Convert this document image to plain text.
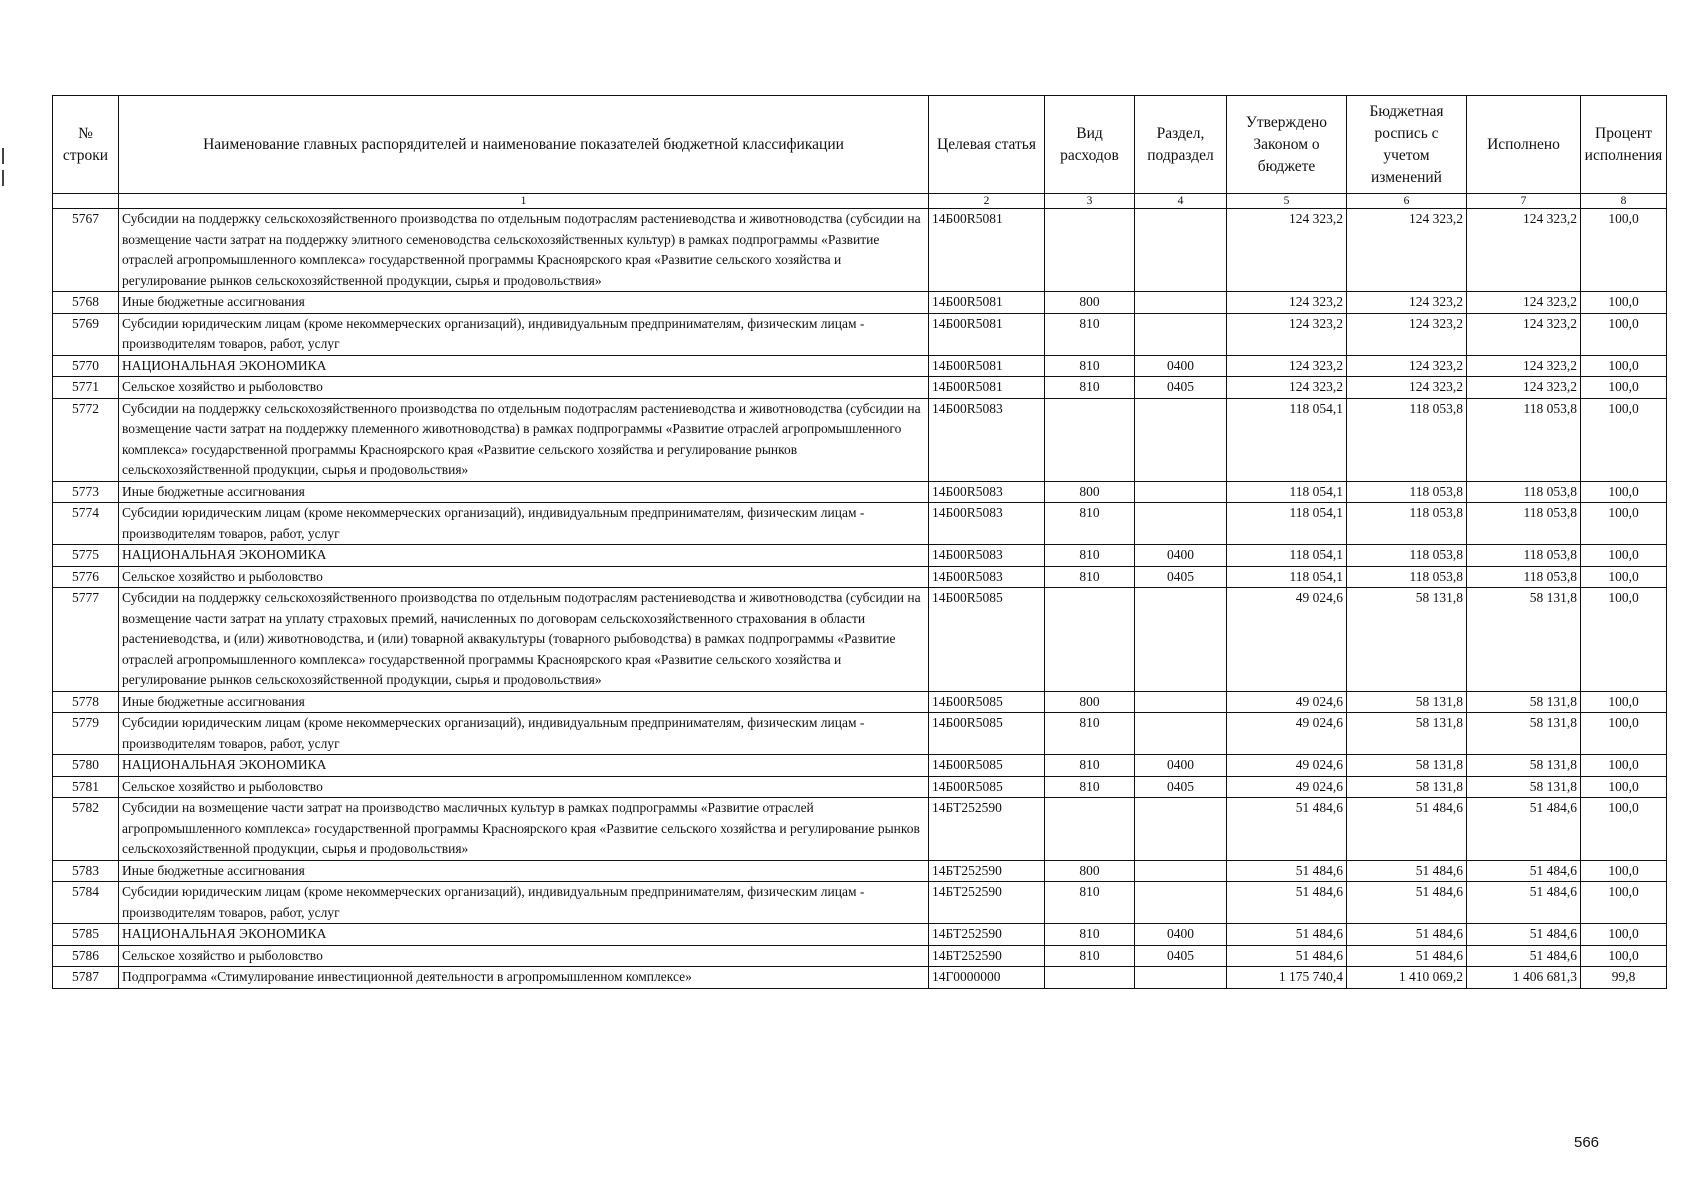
№ строки	Наименование главных распорядителей и наименование показателей бюджетной классификации	Целевая статья	Вид расходов	Раздел, подраздел	Утверждено Законом о бюджете	Бюджетная роспись с учетом изменений	Исполнено	Процент исполнения
	1	2	3	4	5	6	7	8
5767	Субсидии на поддержку сельскохозяйственного производства по отдельным подотраслям растениеводства и животноводства (субсидии на возмещение части затрат на поддержку элитного семеноводства сельскохозяйственных культур) в рамках подпрограммы «Развитие отраслей агропромышленного комплекса» государственной программы Красноярского края «Развитие сельского хозяйства и регулирование рынков сельскохозяйственной продукции, сырья и продовольствия»	14Б00R5081			124 323,2	124 323,2	124 323,2	100,0
5768	Иные бюджетные ассигнования	14Б00R5081	800		124 323,2	124 323,2	124 323,2	100,0
5769	Субсидии юридическим лицам (кроме некоммерческих организаций), индивидуальным предпринимателям, физическим лицам - производителям товаров, работ, услуг	14Б00R5081	810		124 323,2	124 323,2	124 323,2	100,0
5770	НАЦИОНАЛЬНАЯ ЭКОНОМИКА	14Б00R5081	810	0400	124 323,2	124 323,2	124 323,2	100,0
5771	Сельское хозяйство и рыболовство	14Б00R5081	810	0405	124 323,2	124 323,2	124 323,2	100,0
5772	Субсидии на поддержку сельскохозяйственного производства по отдельным подотраслям растениеводства и животноводства (субсидии на возмещение части затрат на поддержку племенного животноводства) в рамках подпрограммы «Развитие отраслей агропромышленного комплекса» государственной программы Красноярского края «Развитие сельского хозяйства и регулирование рынков сельскохозяйственной продукции, сырья и продовольствия»	14Б00R5083			118 054,1	118 053,8	118 053,8	100,0
5773	Иные бюджетные ассигнования	14Б00R5083	800		118 054,1	118 053,8	118 053,8	100,0
5774	Субсидии юридическим лицам (кроме некоммерческих организаций), индивидуальным предпринимателям, физическим лицам - производителям товаров, работ, услуг	14Б00R5083	810		118 054,1	118 053,8	118 053,8	100,0
5775	НАЦИОНАЛЬНАЯ ЭКОНОМИКА	14Б00R5083	810	0400	118 054,1	118 053,8	118 053,8	100,0
5776	Сельское хозяйство и рыболовство	14Б00R5083	810	0405	118 054,1	118 053,8	118 053,8	100,0
5777	Субсидии на поддержку сельскохозяйственного производства по отдельным подотраслям растениеводства и животноводства (субсидии на возмещение части затрат на уплату страховых премий, начисленных по договорам сельскохозяйственного страхования в области растениеводства, и (или) животноводства, и (или) товарной аквакультуры (товарного рыбоводства) в рамках подпрограммы «Развитие отраслей агропромышленного комплекса» государственной программы Красноярского края «Развитие сельского хозяйства и регулирование рынков сельскохозяйственной продукции, сырья и продовольствия»	14Б00R5085			49 024,6	58 131,8	58 131,8	100,0
5778	Иные бюджетные ассигнования	14Б00R5085	800		49 024,6	58 131,8	58 131,8	100,0
5779	Субсидии юридическим лицам (кроме некоммерческих организаций), индивидуальным предпринимателям, физическим лицам - производителям товаров, работ, услуг	14Б00R5085	810		49 024,6	58 131,8	58 131,8	100,0
5780	НАЦИОНАЛЬНАЯ ЭКОНОМИКА	14Б00R5085	810	0400	49 024,6	58 131,8	58 131,8	100,0
5781	Сельское хозяйство и рыболовство	14Б00R5085	810	0405	49 024,6	58 131,8	58 131,8	100,0
5782	Субсидии на возмещение части затрат на производство масличных культур в рамках подпрограммы «Развитие отраслей агропромышленного комплекса» государственной программы Красноярского края «Развитие сельского хозяйства и регулирование рынков сельскохозяйственной продукции, сырья и продовольствия»	14БТ252590			51 484,6	51 484,6	51 484,6	100,0
5783	Иные бюджетные ассигнования	14БТ252590	800		51 484,6	51 484,6	51 484,6	100,0
5784	Субсидии юридическим лицам (кроме некоммерческих организаций), индивидуальным предпринимателям, физическим лицам - производителям товаров, работ, услуг	14БТ252590	810		51 484,6	51 484,6	51 484,6	100,0
5785	НАЦИОНАЛЬНАЯ ЭКОНОМИКА	14БТ252590	810	0400	51 484,6	51 484,6	51 484,6	100,0
5786	Сельское хозяйство и рыболовство	14БТ252590	810	0405	51 484,6	51 484,6	51 484,6	100,0
5787	Подпрограмма «Стимулирование инвестиционной деятельности в агропромышленном комплексе»	14Г0000000			1 175 740,4	1 410 069,2	1 406 681,3	99,8
566
